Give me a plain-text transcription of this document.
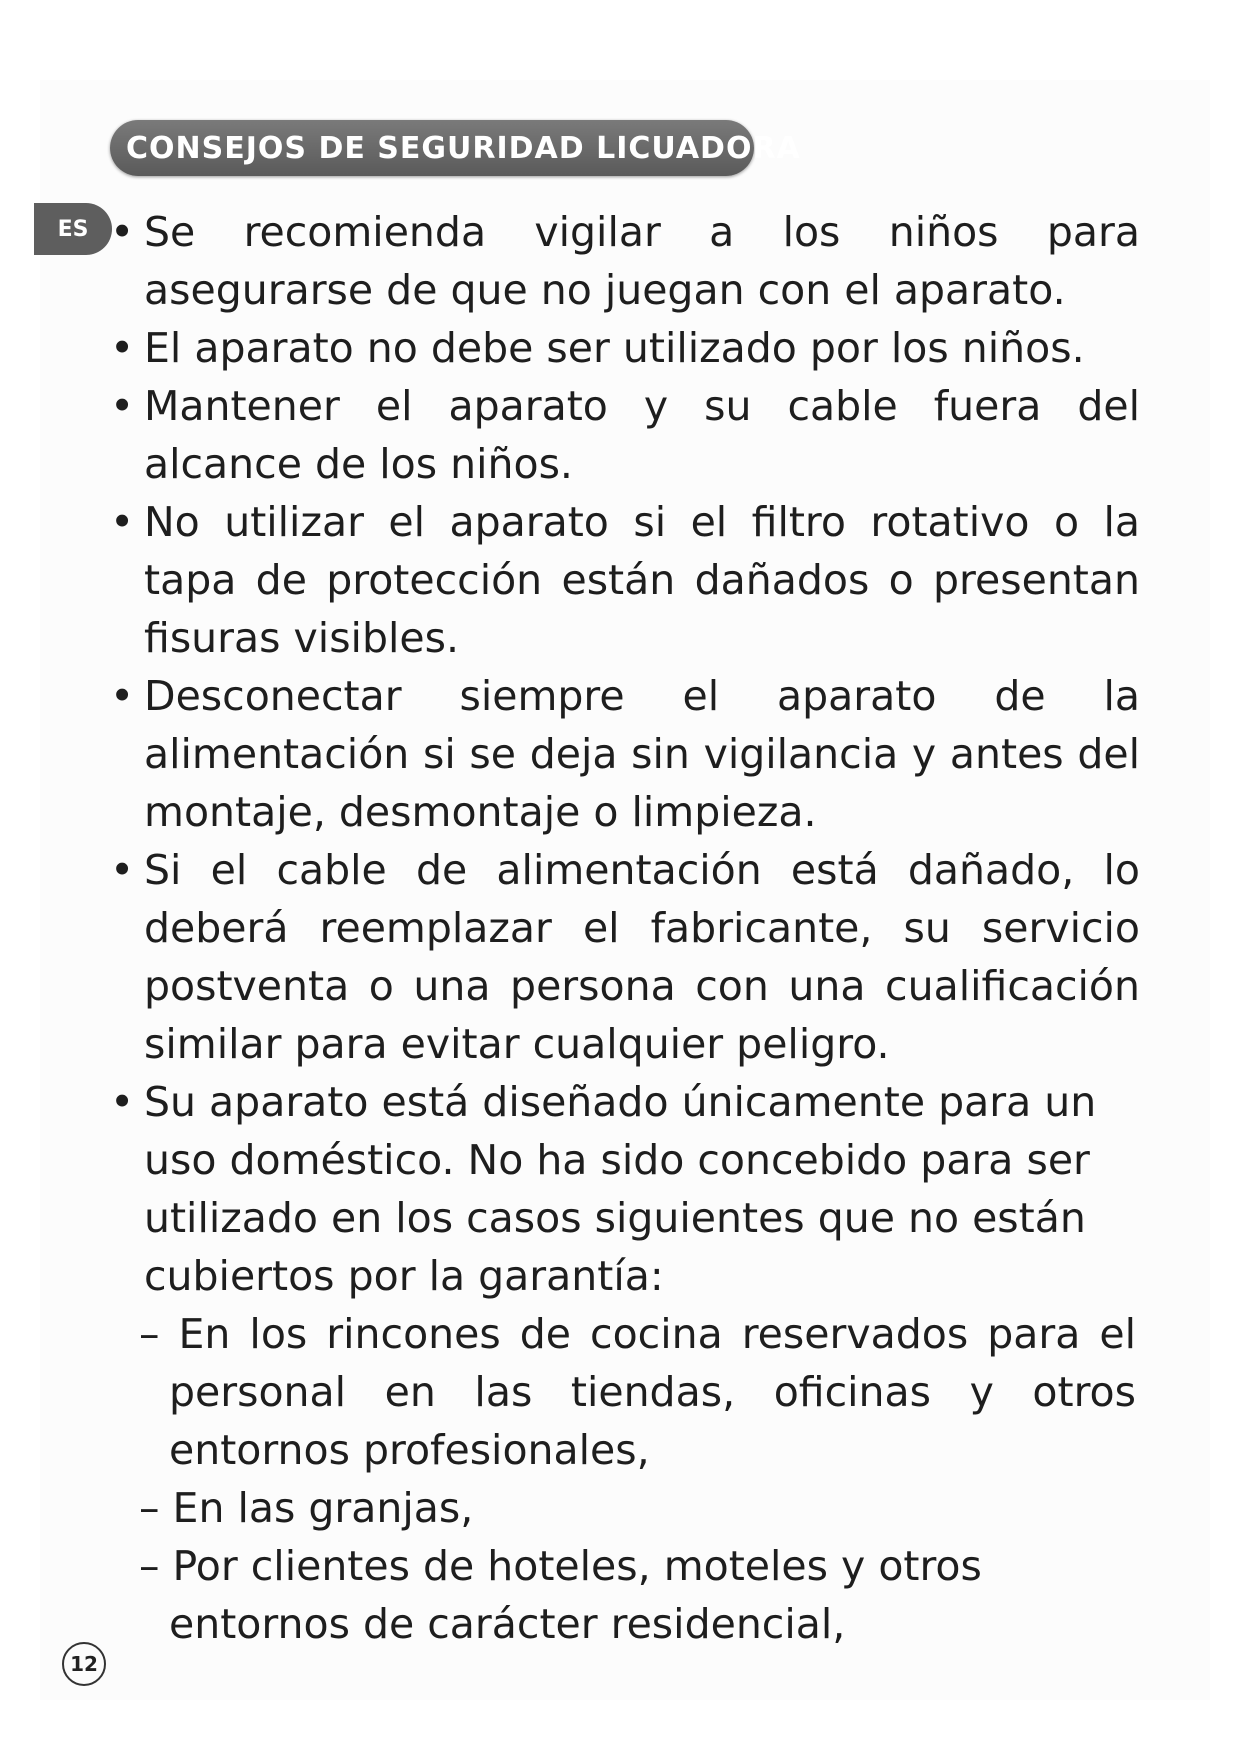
CONSEJOS DE SEGURIDAD LICUADORA
ES • Se recomienda vigilar a los niños para asegurarse de que no juegan con el aparato.
• El aparato no debe ser utilizado por los niños.
• Mantener el aparato y su cable fuera del alcance de los niños.
• No utilizar el aparato si el filtro rotativo o la tapa de protección están dañados o presentan fisuras visibles.
• Desconectar siempre el aparato de la alimentación si se deja sin vigilancia y antes del montaje, desmontaje o limpieza.
• Si el cable de alimentación está dañado, lo deberá reemplazar el fabricante, su servicio postventa o una persona con una cualificación similar para evitar cualquier peligro.
• Su aparato está diseñado únicamente para un uso doméstico. No ha sido concebido para ser utilizado en los casos siguientes que no están cubiertos por la garantía:
– En los rincones de cocina reservados para el personal en las tiendas, oficinas y otros entornos profesionales,
– En las granjas,
– Por clientes de hoteles, moteles y otros entornos de carácter residencial,
12
